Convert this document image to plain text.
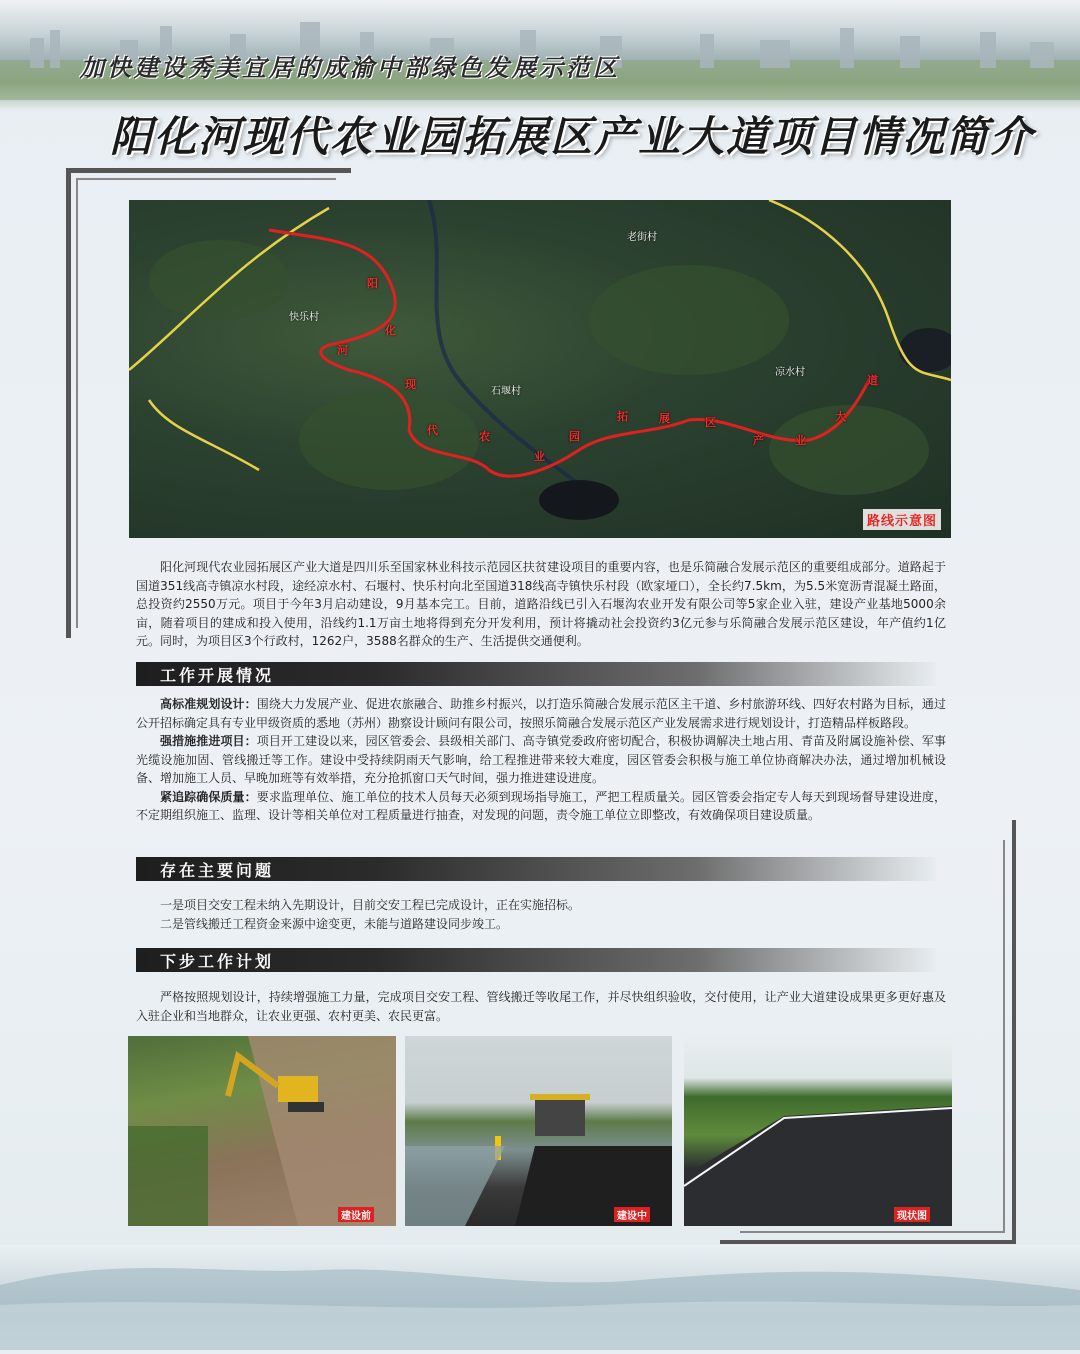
加快建设秀美宜居的成渝中部绿色发展示范区
阳化河现代农业园拓展区产业大道项目情况简介
老街村
快乐村
石堰村
凉水村
阳
化
河
现
代	农
业
园
拓	展	区
产	业
大
道
路线示意图
阳化河现代农业园拓展区产业大道是四川乐至国家林业科技示范园区扶贫建设项目的重要内容，也是乐简融合发展示范区的重要组成部分。道路起于国道351线高寺镇凉水村段，途经凉水村、石堰村、快乐村向北至国道318线高寺镇快乐村段（欧家垭口），全长约7.5km，为5.5米宽沥青混凝土路面，总投资约2550万元。项目于今年3月启动建设，9月基本完工。目前，道路沿线已引入石堰沟农业开发有限公司等5家企业入驻，建设产业基地5000余亩，随着项目的建成和投入使用，沿线约1.1万亩土地将得到充分开发利用，预计将撬动社会投资约3亿元参与乐简融合发展示范区建设，年产值约1亿元。同时，为项目区3个行政村，1262户，3588名群众的生产、生活提供交通便利。
工作开展情况

高标准规划设计：围绕大力发展产业、促进农旅融合、助推乡村振兴，以打造乐简融合发展示范区主干道、乡村旅游环线、四好农村路为目标，通过公开招标确定具有专业甲级资质的悉地（苏州）勘察设计顾问有限公司，按照乐简融合发展示范区产业发展需求进行规划设计，打造精品样板路段。

强措施推进项目：项目开工建设以来，园区管委会、县级相关部门、高寺镇党委政府密切配合，积极协调解决土地占用、青苗及附属设施补偿、军事光缆设施加固、管线搬迁等工作。建设中受持续阴雨天气影响，给工程推进带来较大难度，园区管委会积极与施工单位协商解决办法，通过增加机械设备、增加施工人员、早晚加班等有效举措，充分抢抓窗口天气时间，强力推进建设进度。

紧追踪确保质量：要求监理单位、施工单位的技术人员每天必须到现场指导施工，严把工程质量关。园区管委会指定专人每天到现场督导建设进度，不定期组织施工、监理、设计等相关单位对工程质量进行抽查，对发现的问题，责令施工单位立即整改，有效确保项目建设质量。

存在主要问题

一是项目交安工程未纳入先期设计，目前交安工程已完成设计，正在实施招标。

二是管线搬迁工程资金来源中途变更，未能与道路建设同步竣工。

下步工作计划

严格按照规划设计，持续增强施工力量，完成项目交安工程、管线搬迁等收尾工作，并尽快组织验收，交付使用，让产业大道建设成果更多更好惠及入驻企业和当地群众，让农业更强、农村更美、农民更富。

建设前	建设中	现状图
